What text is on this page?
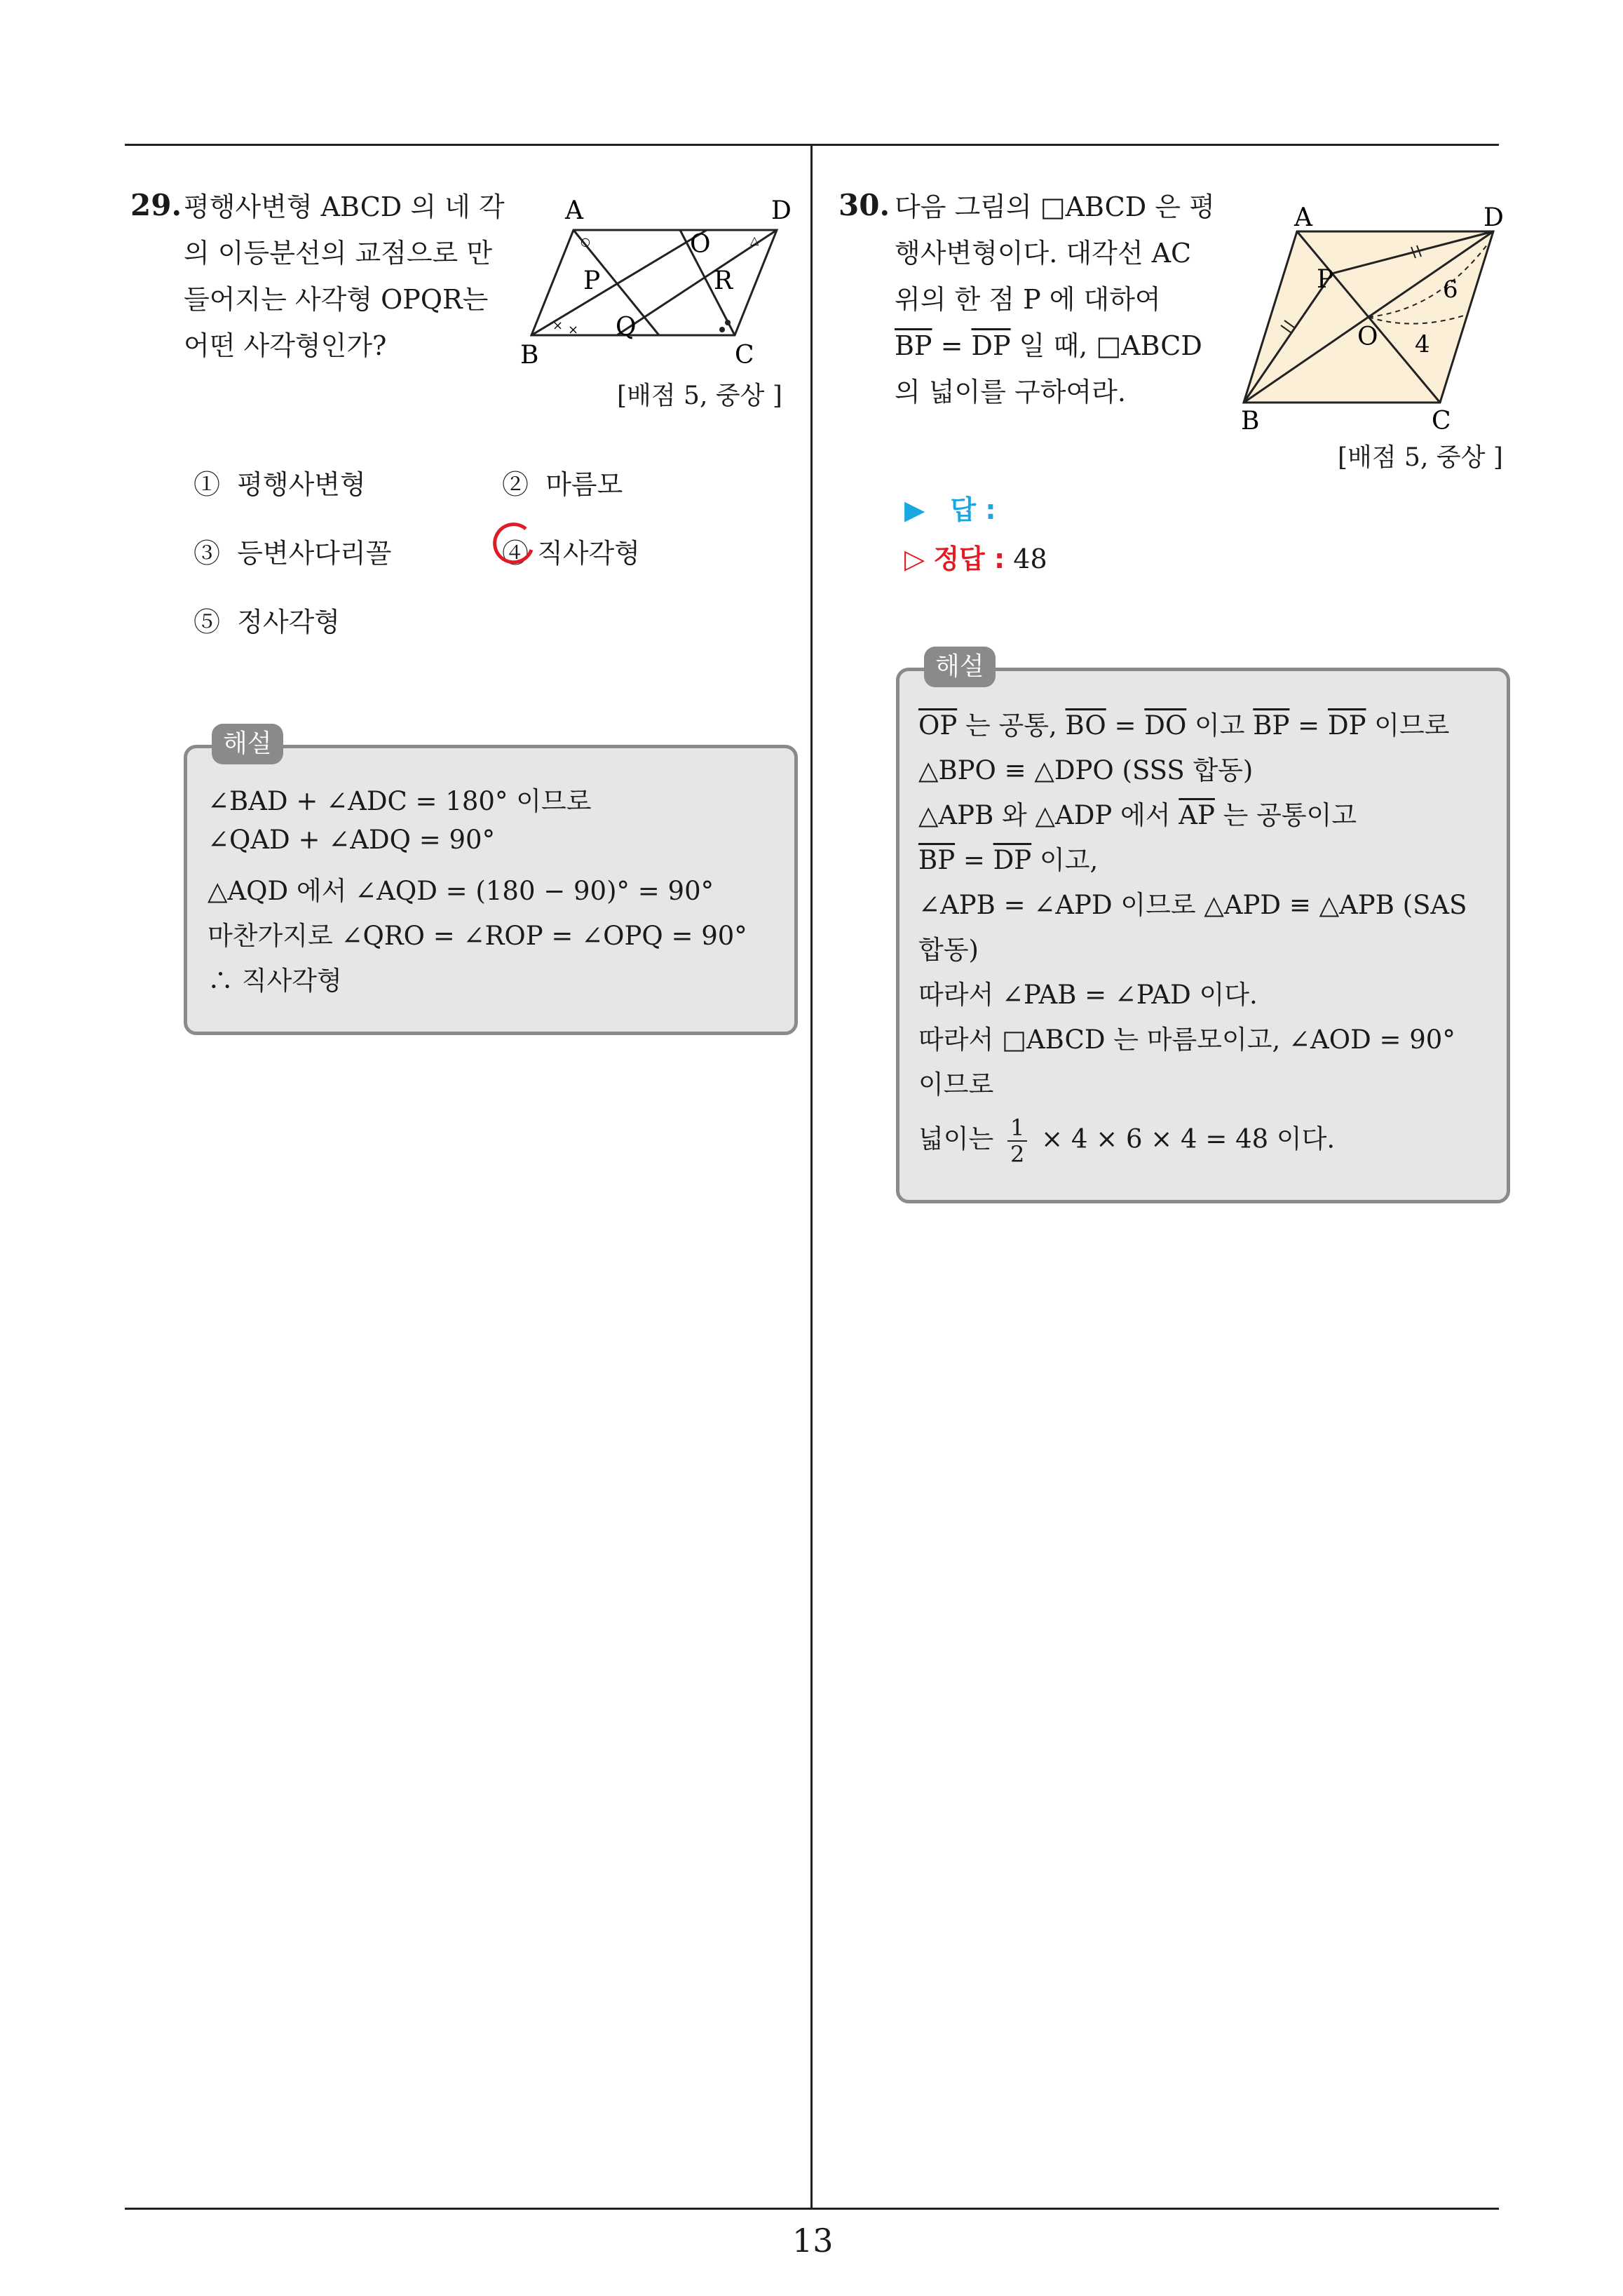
13
29. 평행사변형 ABCD 의 네 각
의 이등분선의 교점으로 만
들어지는 사각형 OPQR는
어떤 사각형인가?
A	D
B	C
O
P
Q
R
○
× ×
△
[배점 5, 중상 ]
① 평행사변형	② 마름모
③ 등변사다리꼴	④ 직사각형
⑤ 정사각형
해설
∠BAD + ∠ADC = 180° 이므로
∠QAD + ∠ADQ = 90°
△AQD 에서 ∠AQD = (180 − 90)° = 90°
마찬가지로 ∠QRO = ∠ROP = ∠OPQ = 90°
∴ 직사각형
30. 다음 그림의 □ABCD 은 평
행사변형이다. 대각선 AC
위의 한 점 P 에 대하여
$\overline{BP} = \overline{DP}$ 일 때, □ABCD
의 넓이를 구하여라.
A	D
B	C
P
O
6
4
[배점 5, 중상 ]
▶ 답 :
▷ 정답 : 48
해설
$\overline{OP}$ 는 공통, $\overline{BO} = \overline{DO}$ 이고 $\overline{BP} = \overline{DP}$ 이므로
△BPO ≡ △DPO (SSS 합동)
△APB 와 △ADP 에서 $\overline{AP}$ 는 공통이고
$\overline{BP} = \overline{DP}$ 이고,
∠APB = ∠APD 이므로 △APD ≡ △APB (SAS
합동)
따라서 ∠PAB = ∠PAD 이다.
따라서 □ABCD 는 마름모이고, ∠AOD = 90°
이므로
넓이는 $\frac{1}{2} \times 4 \times 6 \times 4 = 48$ 이다.
